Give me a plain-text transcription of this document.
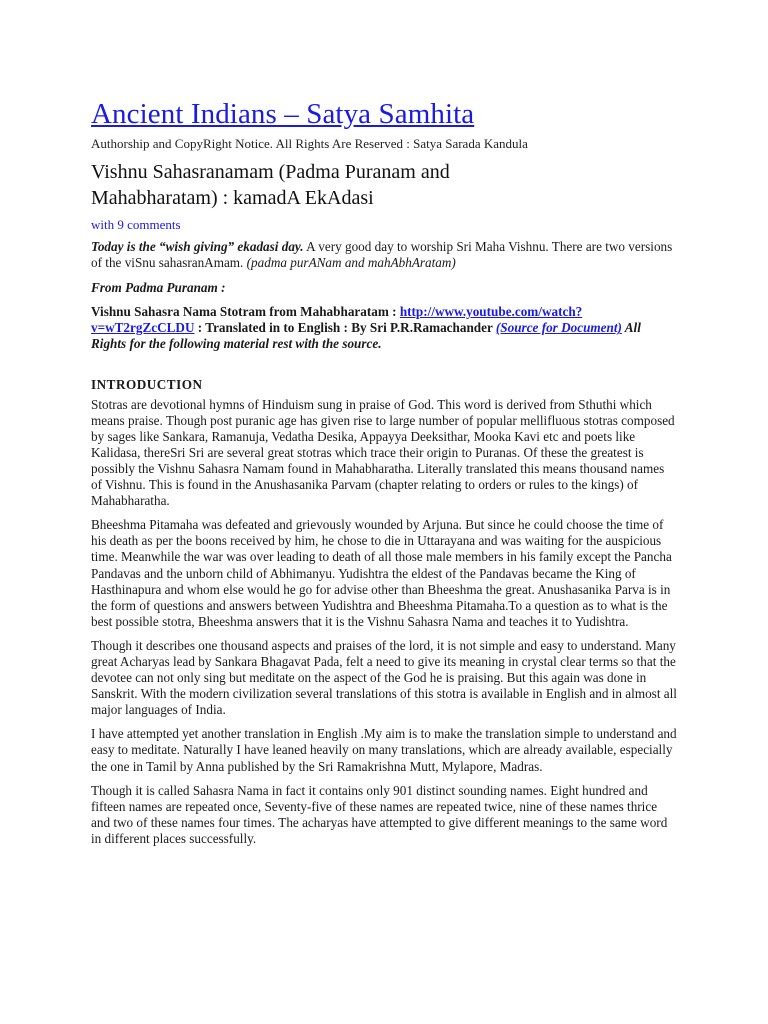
Ancient Indians – Satya Samhita
Authorship and CopyRight Notice. All Rights Are Reserved : Satya Sarada Kandula
Vishnu Sahasranamam (Padma Puranam and
Mahabharatam) : kamadA EkAdasi
with 9 comments

Today is the “wish giving” ekadasi day. A very good day to worship Sri Maha Vishnu. There are two versions of the viSnu sahasranAmam. (padma purANam and mahAbhAratam)

From Padma Puranam :

Vishnu Sahasra Nama Stotram from Mahabharatam : http://www.youtube.com/watch?v=wT2rgZcCLDU : Translated in to English : By Sri P.R.Ramachander (Source for Document) All Rights for the following material rest with the source.

INTRODUCTION

Stotras are devotional hymns of Hinduism sung in praise of God. This word is derived from Sthuthi which means praise. Though post puranic age has given rise to large number of popular mellifluous stotras composed by sages like Sankara, Ramanuja, Vedatha Desika, Appayya Deeksithar, Mooka Kavi etc and poets like Kalidasa, thereSri Sri are several great stotras which trace their origin to Puranas. Of these the greatest is possibly the Vishnu Sahasra Namam found in Mahabharatha. Literally translated this means thousand names of Vishnu. This is found in the Anushasanika Parvam (chapter relating to orders or rules to the kings) of Mahabharatha.

Bheeshma Pitamaha was defeated and grievously wounded by Arjuna. But since he could choose the time of his death as per the boons received by him, he chose to die in Uttarayana and was waiting for the auspicious time. Meanwhile the war was over leading to death of all those male members in his family except the Pancha Pandavas and the unborn child of Abhimanyu. Yudishtra the eldest of the Pandavas became the King of Hasthinapura and whom else would he go for advise other than Bheeshma the great. Anushasanika Parva is in the form of questions and answers between Yudishtra and Bheeshma Pitamaha.To a question as to what is the best possible stotra, Bheeshma answers that it is the Vishnu Sahasra Nama and teaches it to Yudishtra.

Though it describes one thousand aspects and praises of the lord, it is not simple and easy to understand. Many great Acharyas lead by Sankara Bhagavat Pada, felt a need to give its meaning in crystal clear terms so that the devotee can not only sing but meditate on the aspect of the God he is praising. But this again was done in Sanskrit. With the modern civilization several translations of this stotra is available in English and in almost all major languages of India.

I have attempted yet another translation in English .My aim is to make the translation simple to understand and easy to meditate. Naturally I have leaned heavily on many translations, which are already available, especially the one in Tamil by Anna published by the Sri Ramakrishna Mutt, Mylapore, Madras.

Though it is called Sahasra Nama in fact it contains only 901 distinct sounding names. Eight hundred and fifteen names are repeated once, Seventy-five of these names are repeated twice, nine of these names thrice and two of these names four times. The acharyas have attempted to give different meanings to the same word in different places successfully.
